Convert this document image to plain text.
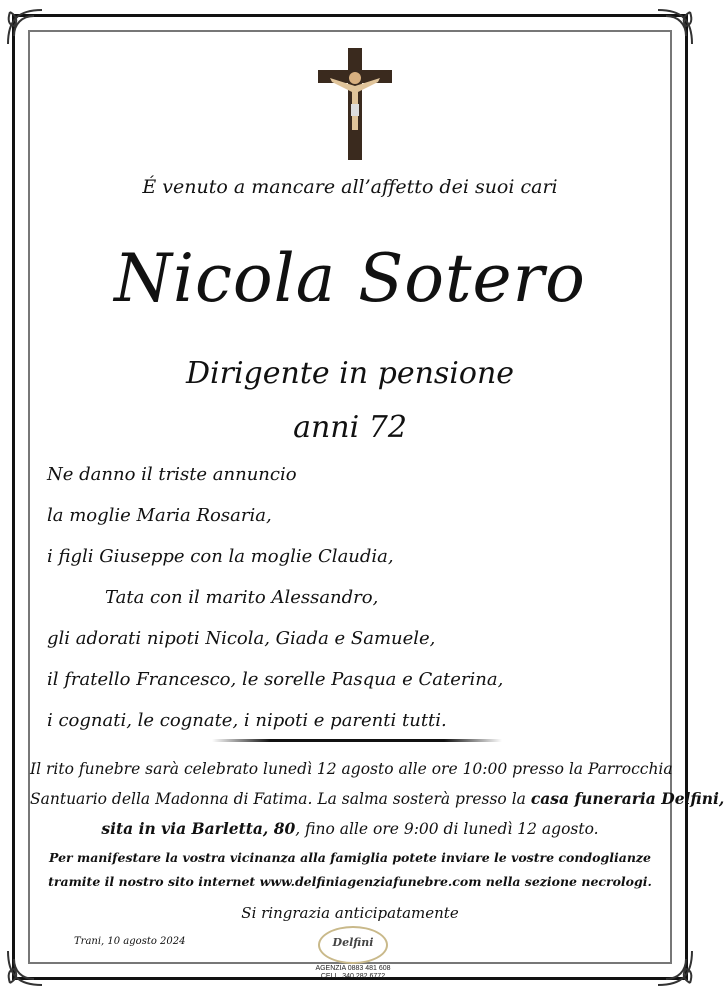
É venuto a mancare all’affetto dei suoi cari
Nicola Sotero
Dirigente in pensione
anni 72
Ne danno il triste annuncio
la moglie Maria Rosaria,
i figli Giuseppe con la moglie Claudia,
Tata con il marito Alessandro,
gli adorati nipoti Nicola, Giada e Samuele,
il fratello Francesco, le sorelle Pasqua e Caterina,
i cognati, le cognate, i nipoti e parenti tutti.
Il rito funebre sarà celebrato lunedì 12 agosto alle ore 10:00 presso la Parrocchia
Santuario della Madonna di Fatima. La salma sosterà presso la casa funeraria Delfini,
sita in via Barletta, 80, fino alle ore 9:00 di lunedì 12 agosto.
Per manifestare la vostra vicinanza alla famiglia potete inviare le vostre condoglianze
tramite il nostro sito internet www.delfiniagenziafunebre.com nella sezione necrologi.
Si ringrazia anticipatamente
Trani, 10 agosto 2024	Delfini
AGENZIA 0883 481 608
CELL. 340 282 6772
